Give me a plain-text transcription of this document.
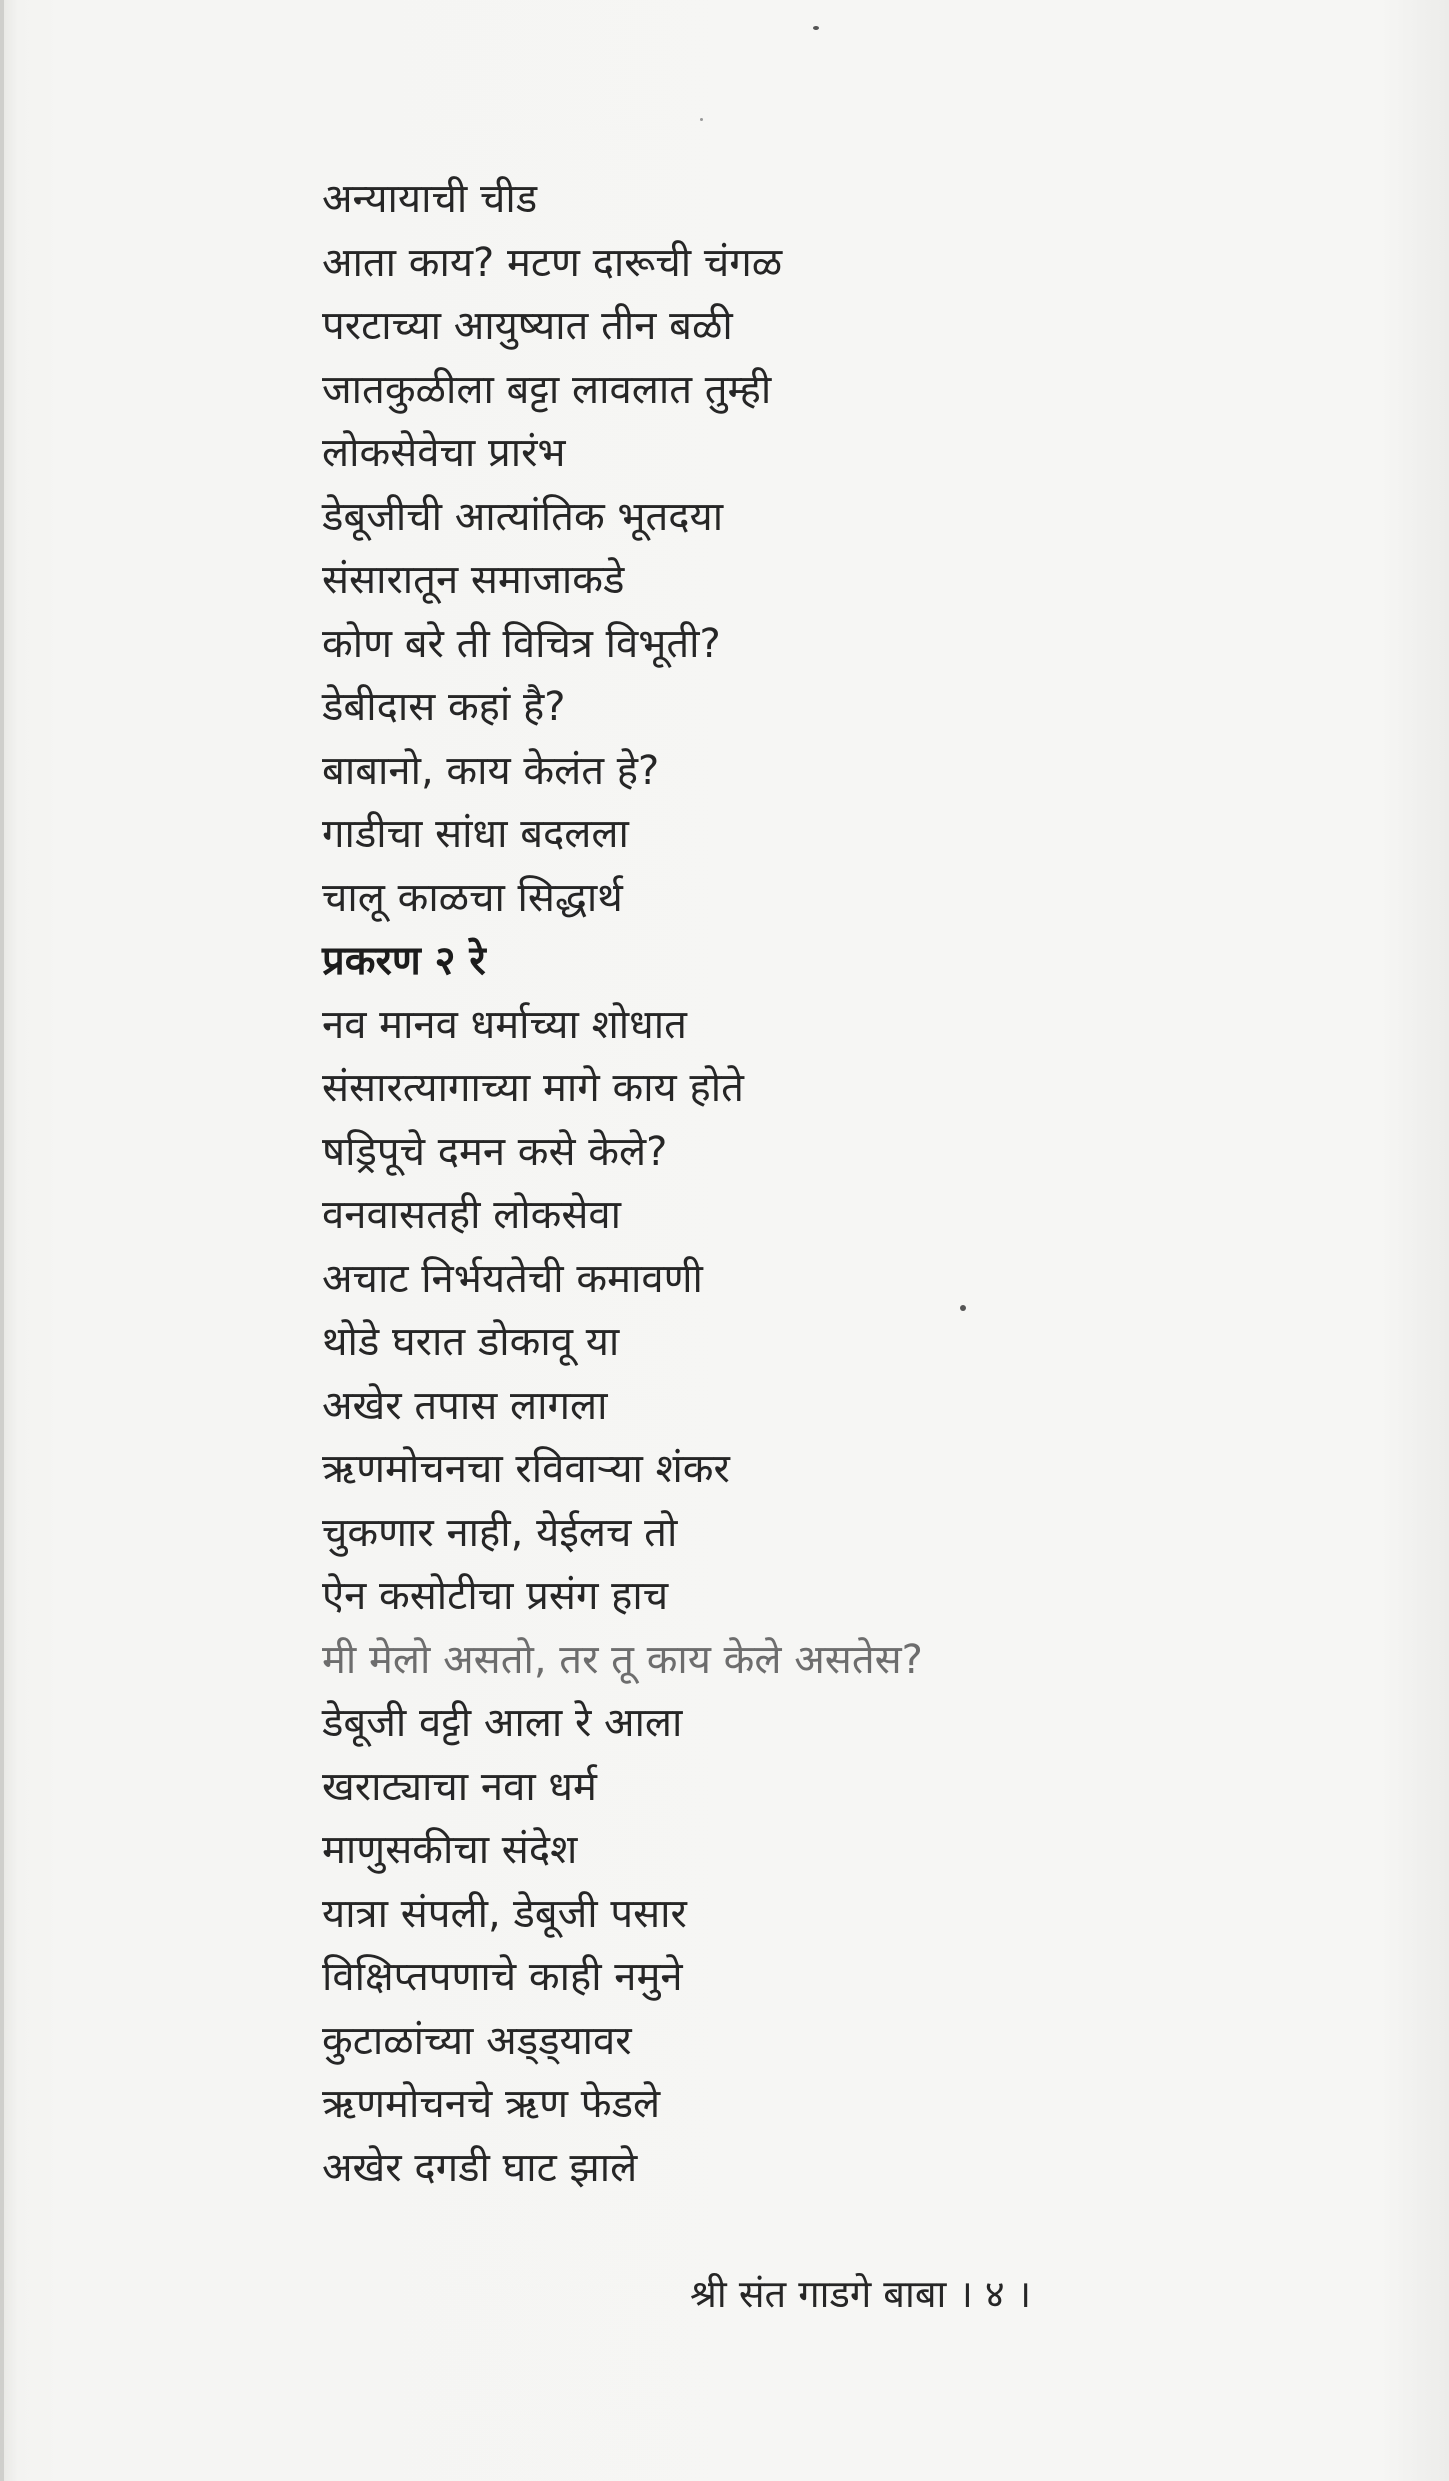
अन्यायाची चीड
आता काय? मटण दारूची चंगळ
परटाच्या आयुष्यात तीन बळी
जातकुळीला बट्टा लावलात तुम्ही
लोकसेवेचा प्रारंभ
डेबूजीची आत्यांतिक भूतदया
संसारातून समाजाकडे
कोण बरे ती विचित्र विभूती?
डेबीदास कहां है?
बाबानो, काय केलंत हे?
गाडीचा सांधा बदलला
चालू काळचा सिद्धार्थ
प्रकरण २ रे
नव मानव धर्माच्या शोधात
संसारत्यागाच्या मागे काय होते
षड्रिपूचे दमन कसे केले?
वनवासतही लोकसेवा
अचाट निर्भयतेची कमावणी
थोडे घरात डोकावू या
अखेर तपास लागला
ऋणमोचनचा रविवाऱ्या शंकर
चुकणार नाही, येईलच तो
ऐन कसोटीचा प्रसंग हाच
मी मेलो असतो, तर तू काय केले असतेस?
डेबूजी वट्टी आला रे आला
खराट्याचा नवा धर्म
माणुसकीचा संदेश
यात्रा संपली, डेबूजी पसार
विक्षिप्तपणाचे काही नमुने
कुटाळांच्या अड्ड्यावर
ऋणमोचनचे ऋण फेडले
अखेर दगडी घाट झाले
श्री संत गाडगे बाबा । ४ ।
